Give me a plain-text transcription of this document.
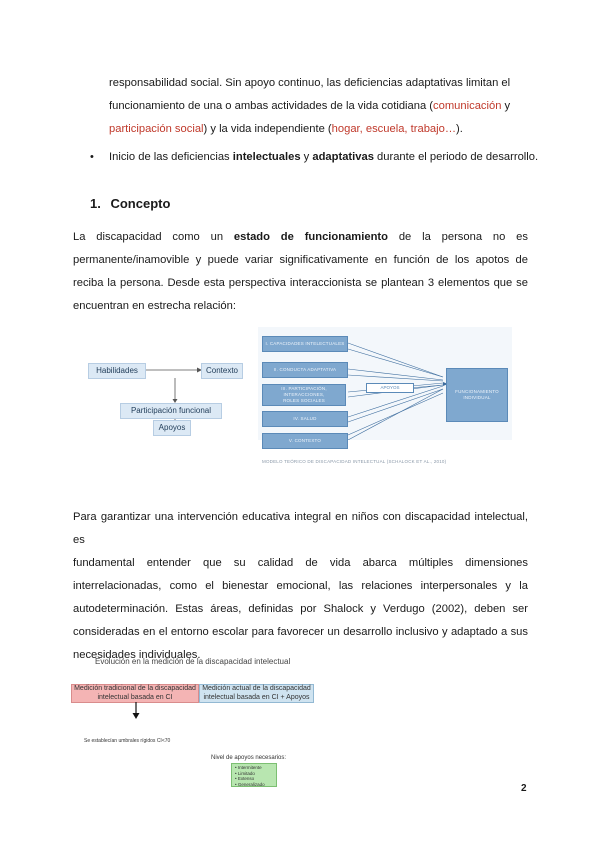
responsabilidad social. Sin apoyo continuo, las deficiencias adaptativas limitan el
funcionamiento de una o ambas actividades de la vida cotidiana (comunicación y
participación social) y la vida independiente (hogar, escuela, trabajo…).
• Inicio de las deficiencias intelectuales y adaptativas durante el periodo de desarrollo.
1. Concepto
La discapacidad como un estado de funcionamiento de la persona no es
permanente/inamovible y puede variar significativamente en función de los apotos de
reciba la persona. Desde esta perspectiva interaccionista se plantean 3 elementos que se
encuentran en estrecha relación:
Habilidades	Contexto
Participación funcional
Apoyos
I. CAPACIDADES INTELECTUALES
II. CONDUCTA ADAPTATIVA
III. PARTICIPACIÓN, INTERACCIONES, ROLES SOCIALES
IV. SALUD
V. CONTEXTO
APOYOS
FUNCIONAMIENTO INDIVIDUAL
MODELO TEÓRICO DE DISCAPACIDAD INTELECTUAL (SCHALOCK ET AL., 2010)
Para garantizar una intervención educativa integral en niños con discapacidad intelectual, es
fundamental entender que su calidad de vida abarca múltiples dimensiones
interrelacionadas, como el bienestar emocional, las relaciones interpersonales y la
autodeterminación. Estas áreas, definidas por Shalock y Verdugo (2002), deben ser
consideradas en el entorno escolar para favorecer un desarrollo inclusivo y adaptado a sus
necesidades individuales.
Evolución en la medición de la discapacidad intelectual
Medición tradicional de la discapacidad intelectual basada en CI
Medición actual de la discapacidad intelectual basada en CI + Apoyos
Se establecían umbrales rígidos CI<70
Nivel de apoyos necesarios:
• Intermitente
• Limitado
• Extenso
• Generalizado	2
